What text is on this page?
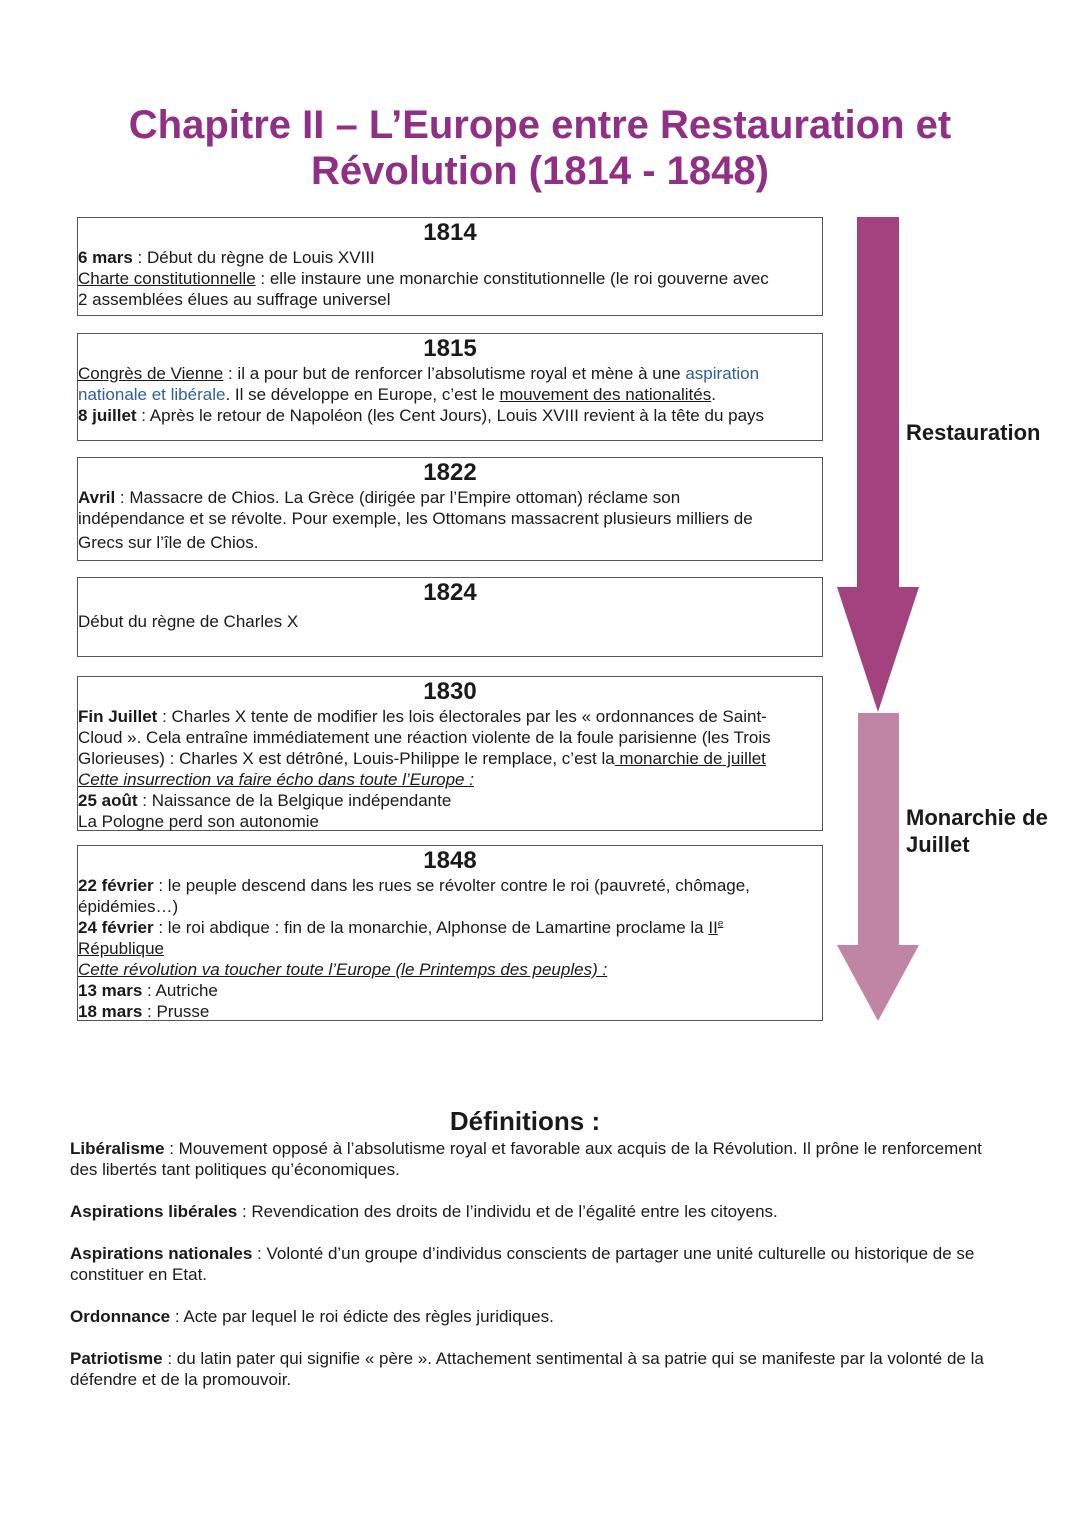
Chapitre II – L’Europe entre Restauration et
Révolution (1814 - 1848)
1814

6 mars : Début du règne de Louis XVIII

Charte constitutionnelle : elle instaure une monarchie constitutionnelle (le roi gouverne avec

2 assemblées élues au suffrage universel

1815

Congrès de Vienne : il a pour but de renforcer l’absolutisme royal et mène à une aspiration

nationale et libérale. Il se développe en Europe, c’est le mouvement des nationalités.

8 juillet : Après le retour de Napoléon (les Cent Jours), Louis XVIII revient à la tête du pays

1822

Avril : Massacre de Chios. La Grèce (dirigée par l’Empire ottoman) réclame son

indépendance et se révolte. Pour exemple, les Ottomans massacrent plusieurs milliers de

Grecs sur l’île de Chios.

1824

Début du règne de Charles X

1830

Fin Juillet : Charles X tente de modifier les lois électorales par les « ordonnances de Saint-

Cloud ». Cela entraîne immédiatement une réaction violente de la foule parisienne (les Trois

Glorieuses) : Charles X est détrôné, Louis-Philippe le remplace, c’est la monarchie de juillet

Cette insurrection va faire écho dans toute l’Europe :

25 août : Naissance de la Belgique indépendante

La Pologne perd son autonomie

1848

22 février : le peuple descend dans les rues se révolter contre le roi (pauvreté, chômage,

épidémies…)

24 février : le roi abdique : fin de la monarchie, Alphonse de Lamartine proclame la IIe

République

Cette révolution va toucher toute l’Europe (le Printemps des peuples) :

13 mars : Autriche

18 mars : Prusse

Restauration
Monarchie de
Juillet
Définitions :

Libéralisme : Mouvement opposé à l’absolutisme royal et favorable aux acquis de la Révolution. Il prône le renforcement des libertés tant politiques qu’économiques.

Aspirations libérales : Revendication des droits de l’individu et de l’égalité entre les citoyens.

Aspirations nationales : Volonté d’un groupe d’individus conscients de partager une unité culturelle ou historique de se constituer en Etat.

Ordonnance : Acte par lequel le roi édicte des règles juridiques.

Patriotisme : du latin pater qui signifie « père ». Attachement sentimental à sa patrie qui se manifeste par la volonté de la défendre et de la promouvoir.
